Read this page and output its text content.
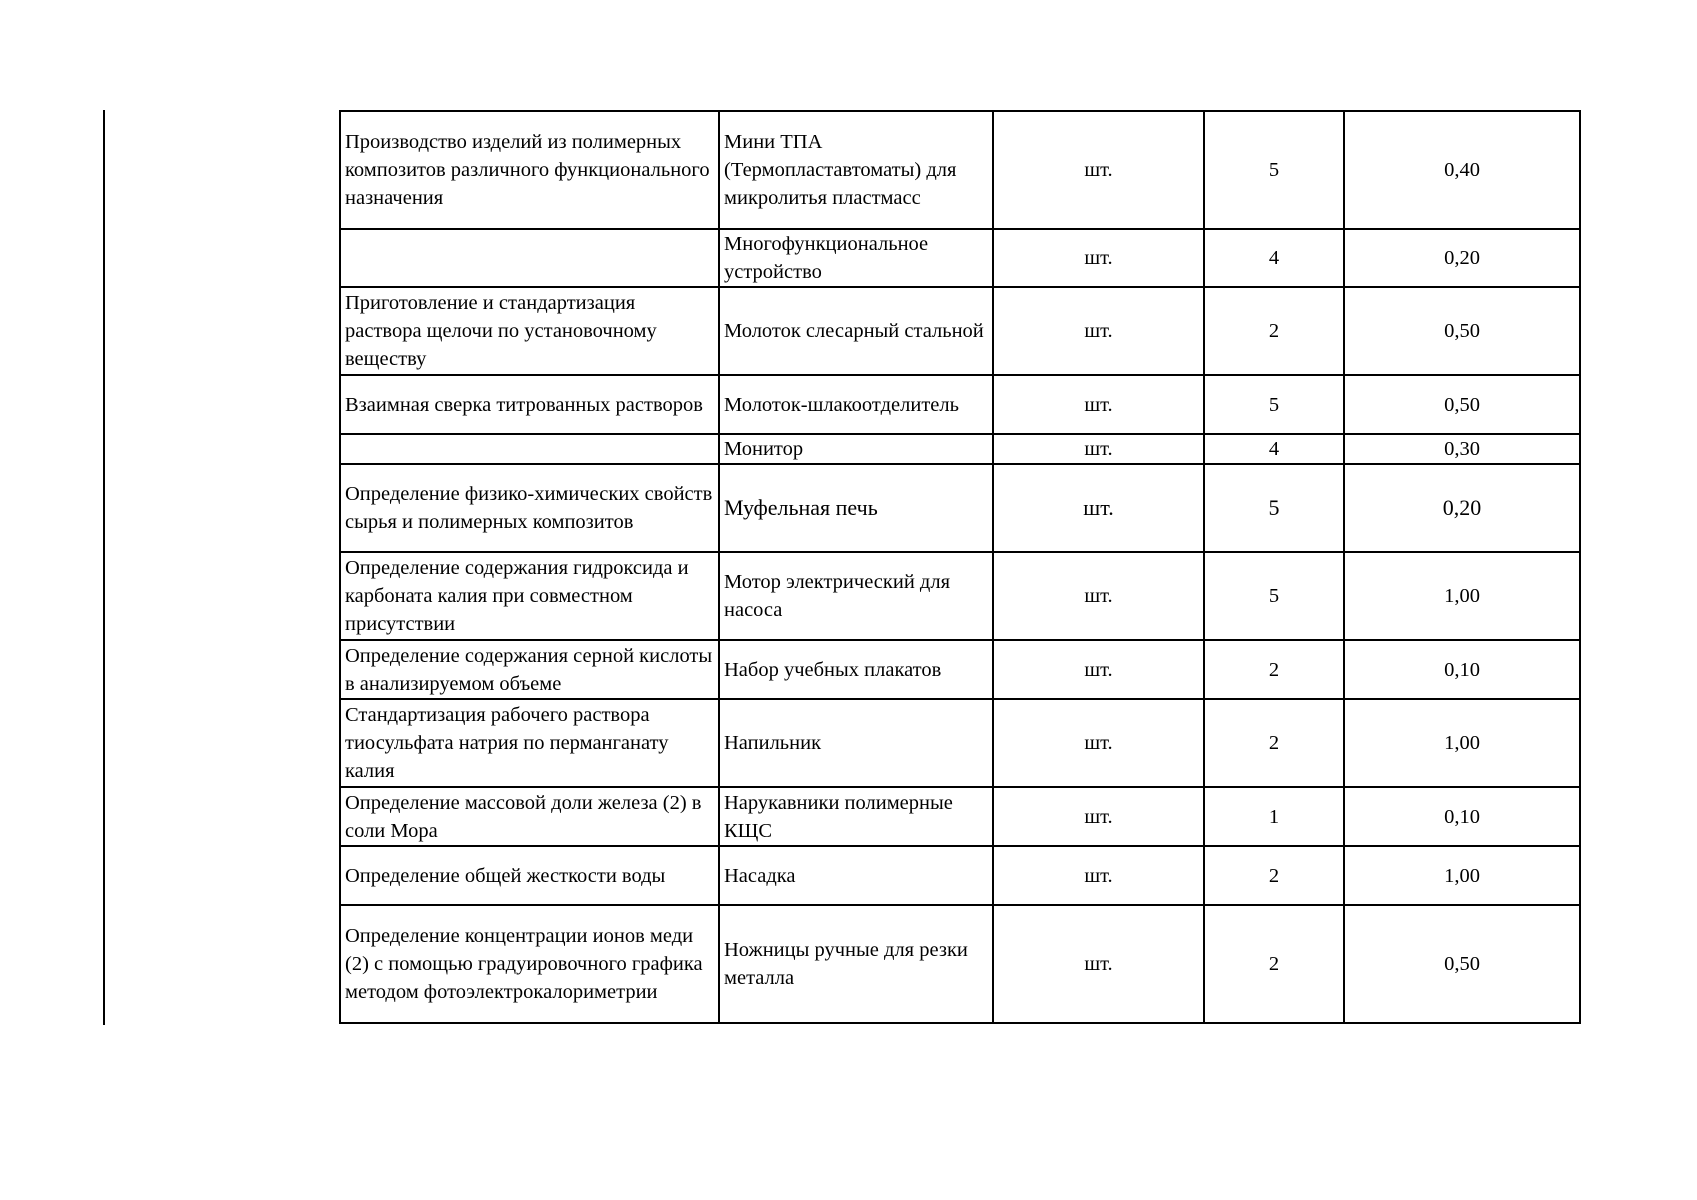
Производство изделий из полимерных композитов различного функционального назначения	Мини ТПА (Термопластавтоматы) для микролитья пластмасс	шт.	5	0,40
	Многофункциональное устройство	шт.	4	0,20
Приготовление и стандартизация раствора щелочи по установочному веществу	Молоток слесарный стальной	шт.	2	0,50
Взаимная сверка титрованных растворов	Молоток-шлакоотделитель	шт.	5	0,50
	Монитор	шт.	4	0,30
Определение физико-химических свойств сырья и полимерных композитов	Муфельная печь	шт.	5	0,20
Определение содержания гидроксида и карбоната калия при совместном присутствии	Мотор электрический для насоса	шт.	5	1,00
Определение содержания серной кислоты в анализируемом объеме	Набор учебных плакатов	шт.	2	0,10
Стандартизация рабочего раствора тиосульфата натрия по перманганату калия	Напильник	шт.	2	1,00
Определение массовой доли железа (2) в соли Мора	Нарукавники полимерные КЩС	шт.	1	0,10
Определение общей жесткости воды	Насадка	шт.	2	1,00
Определение концентрации ионов меди (2) с помощью градуировочного графика методом фотоэлектрокалориметрии	Ножницы ручные для резки металла	шт.	2	0,50
